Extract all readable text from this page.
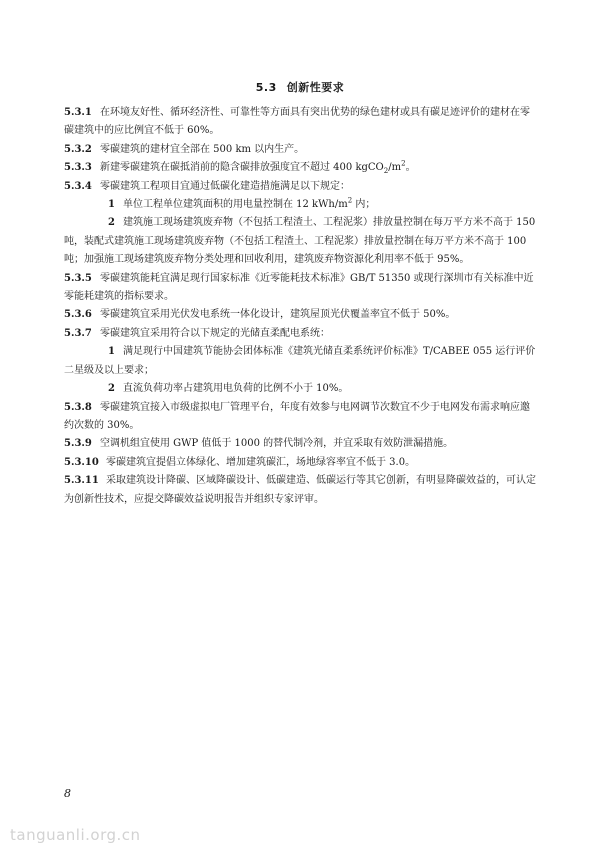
5.3 创新性要求

5.3.1 在环境友好性、循环经济性、可靠性等方面具有突出优势的绿色建材或具有碳足迹评价的建材在零碳建筑中的应比例宜不低于 60%。

5.3.2 零碳建筑的建材宜全部在 500 km 以内生产。

5.3.3 新建零碳建筑在碳抵消前的隐含碳排放强度宜不超过 400 $kgCO_2/m^2$。

5.3.4 零碳建筑工程项目宜通过低碳化建造措施满足以下规定：

1 单位工程单位建筑面积的用电量控制在 12 kWh/$m^2$ 内；

2 建筑施工现场建筑废弃物（不包括工程渣土、工程泥浆）排放量控制在每万平方米不高于 150 吨，装配式建筑施工现场建筑废弃物（不包括工程渣土、工程泥浆）排放量控制在每万平方米不高于 100 吨；加强施工现场建筑废弃物分类处理和回收利用，建筑废弃物资源化利用率不低于 95%。

5.3.5 零碳建筑能耗宜满足现行国家标准《近零能耗技术标准》GB/T 51350 或现行深圳市有关标准中近零能耗建筑的指标要求。

5.3.6 零碳建筑宜采用光伏发电系统一体化设计，建筑屋顶光伏覆盖率宜不低于 50%。

5.3.7 零碳建筑宜采用符合以下规定的光储直柔配电系统：

1 满足现行中国建筑节能协会团体标准《建筑光储直柔系统评价标准》T/CABEE 055 运行评价二星级及以上要求；

2 直流负荷功率占建筑用电负荷的比例不小于 10%。

5.3.8 零碳建筑宜接入市级虚拟电厂管理平台，年度有效参与电网调节次数宜不少于电网发布需求响应邀约次数的 30%。

5.3.9 空调机组宜使用 GWP 值低于 1000 的替代制冷剂，并宜采取有效防泄漏措施。

5.3.10 零碳建筑宜提倡立体绿化、增加建筑碳汇，场地绿容率宜不低于 3.0。

5.3.11 采取建筑设计降碳、区域降碳设计、低碳建造、低碳运行等其它创新，有明显降碳效益的，可认定为创新性技术，应提交降碳效益说明报告并组织专家评审。

8
tanguanli.org.cn
